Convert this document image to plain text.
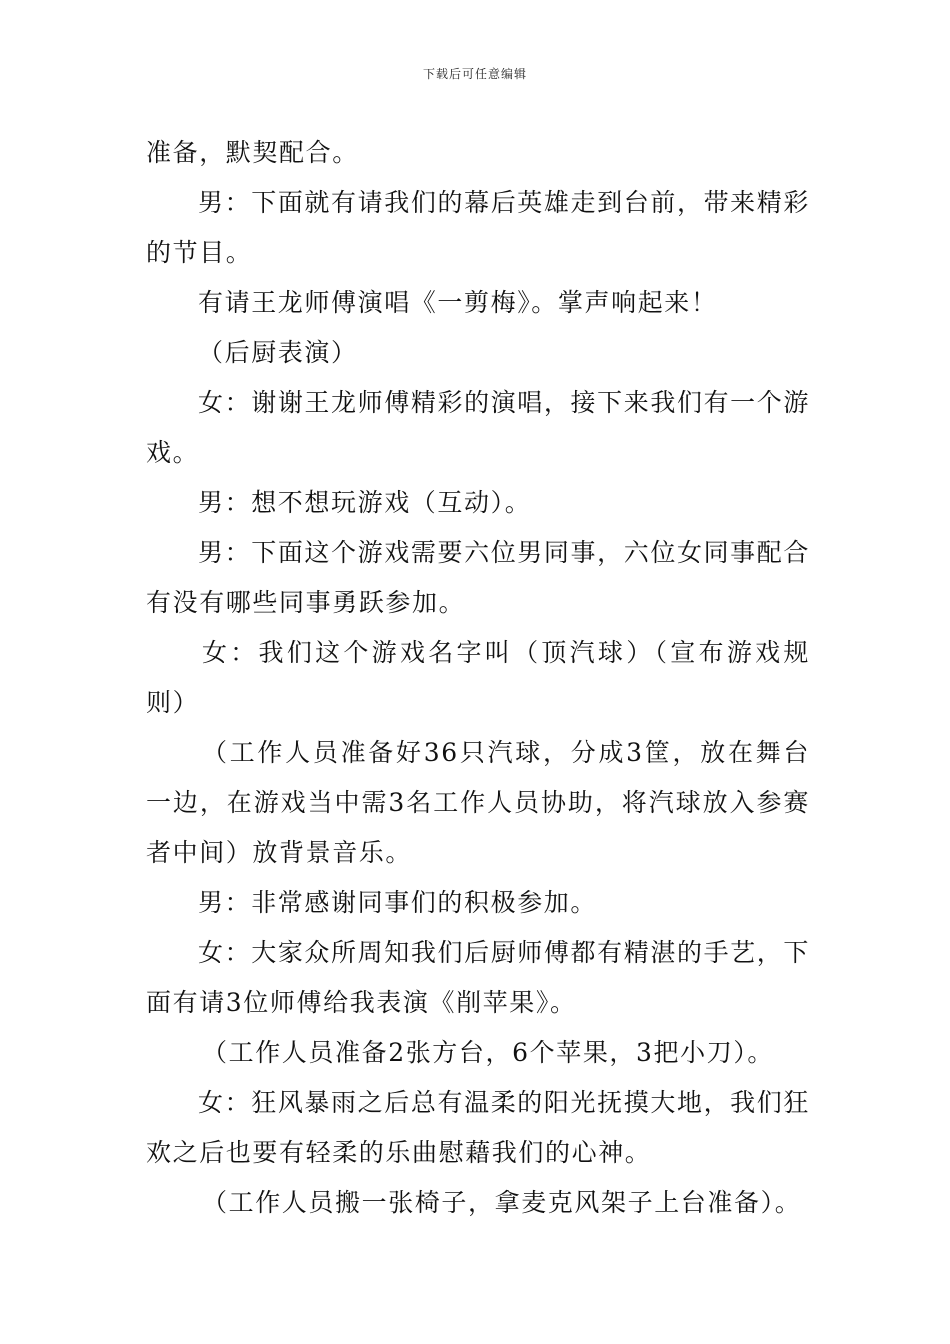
下载后可任意编辑

准备，默契配合。

男：下面就有请我们的幕后英雄走到台前，带来精彩的节目。

有请王龙师傅演唱《一剪梅》。掌声响起来！

（后厨表演）

女：谢谢王龙师傅精彩的演唱，接下来我们有一个游戏。

男：想不想玩游戏（互动）。

男：下面这个游戏需要六位男同事，六位女同事配合有没有哪些同事勇跃参加。

女：我们这个游戏名字叫（顶汽球）（宣布游戏规则）

（工作人员准备好36只汽球，分成3筐，放在舞台一边，在游戏当中需3名工作人员协助，将汽球放入参赛者中间）放背景音乐。

男：非常感谢同事们的积极参加。

女：大家众所周知我们后厨师傅都有精湛的手艺，下面有请3位师傅给我表演《削苹果》。

（工作人员准备2张方台，6个苹果，3把小刀）。

女：狂风暴雨之后总有温柔的阳光抚摸大地，我们狂欢之后也要有轻柔的乐曲慰藉我们的心神。

（工作人员搬一张椅子，拿麦克风架子上台准备）。
